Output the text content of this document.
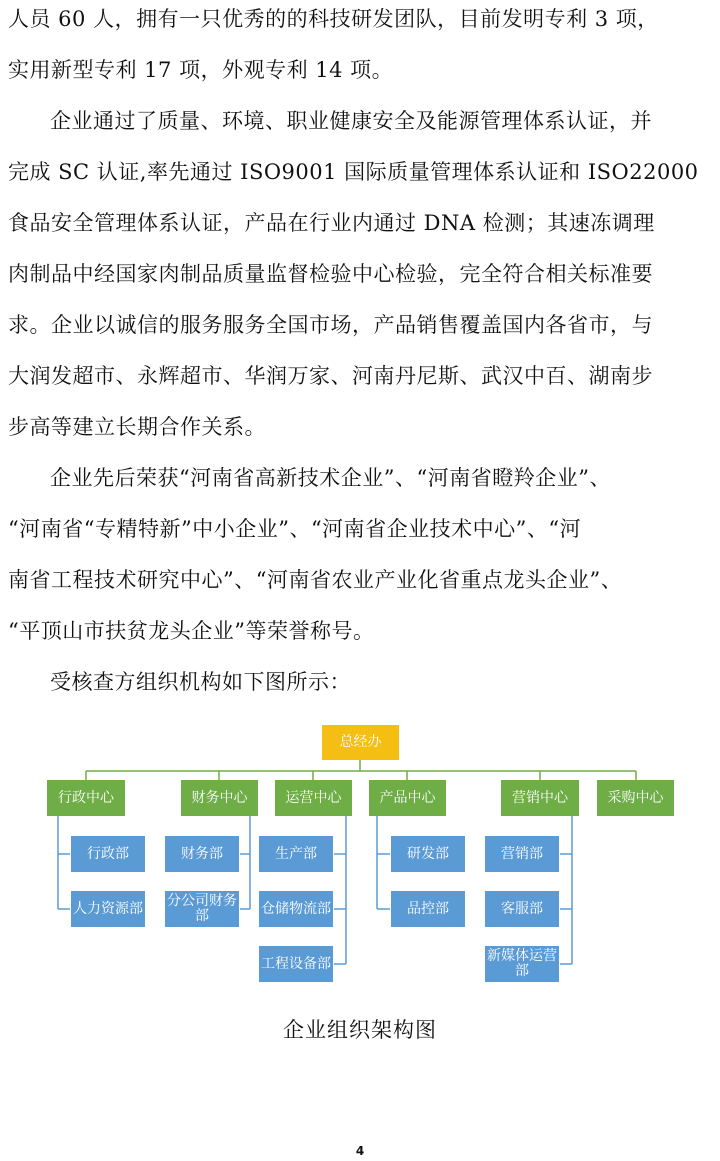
人员 60 人，拥有一只优秀的的科技研发团队，目前发明专利 3 项，
实用新型专利 17 项，外观专利 14 项。
企业通过了质量、环境、职业健康安全及能源管理体系认证，并
完成 SC 认证,率先通过 ISO9001 国际质量管理体系认证和 ISO22000
食品安全管理体系认证，产品在行业内通过 DNA 检测；其速冻调理
肉制品中经国家肉制品质量监督检验中心检验，完全符合相关标准要
求。企业以诚信的服务服务全国市场，产品销售覆盖国内各省市，与
大润发超市、永辉超市、华润万家、河南丹尼斯、武汉中百、湖南步
步高等建立长期合作关系。
企业先后荣获“河南省高新技术企业”、“河南省瞪羚企业”、
“河南省“专精特新”中小企业”、“河南省企业技术中心”、“河
南省工程技术研究中心”、“河南省农业产业化省重点龙头企业”、
“平顶山市扶贫龙头企业”等荣誉称号。
受核查方组织机构如下图所示：
总经办
行政中心	财务中心	运营中心	产品中心	营销中心	采购中心
行政部
人力资源部
财务部
分公司财务部
生产部
仓储物流部
工程设备部
研发部
品控部
营销部
客服部
新媒体运营部
企业组织架构图
4
